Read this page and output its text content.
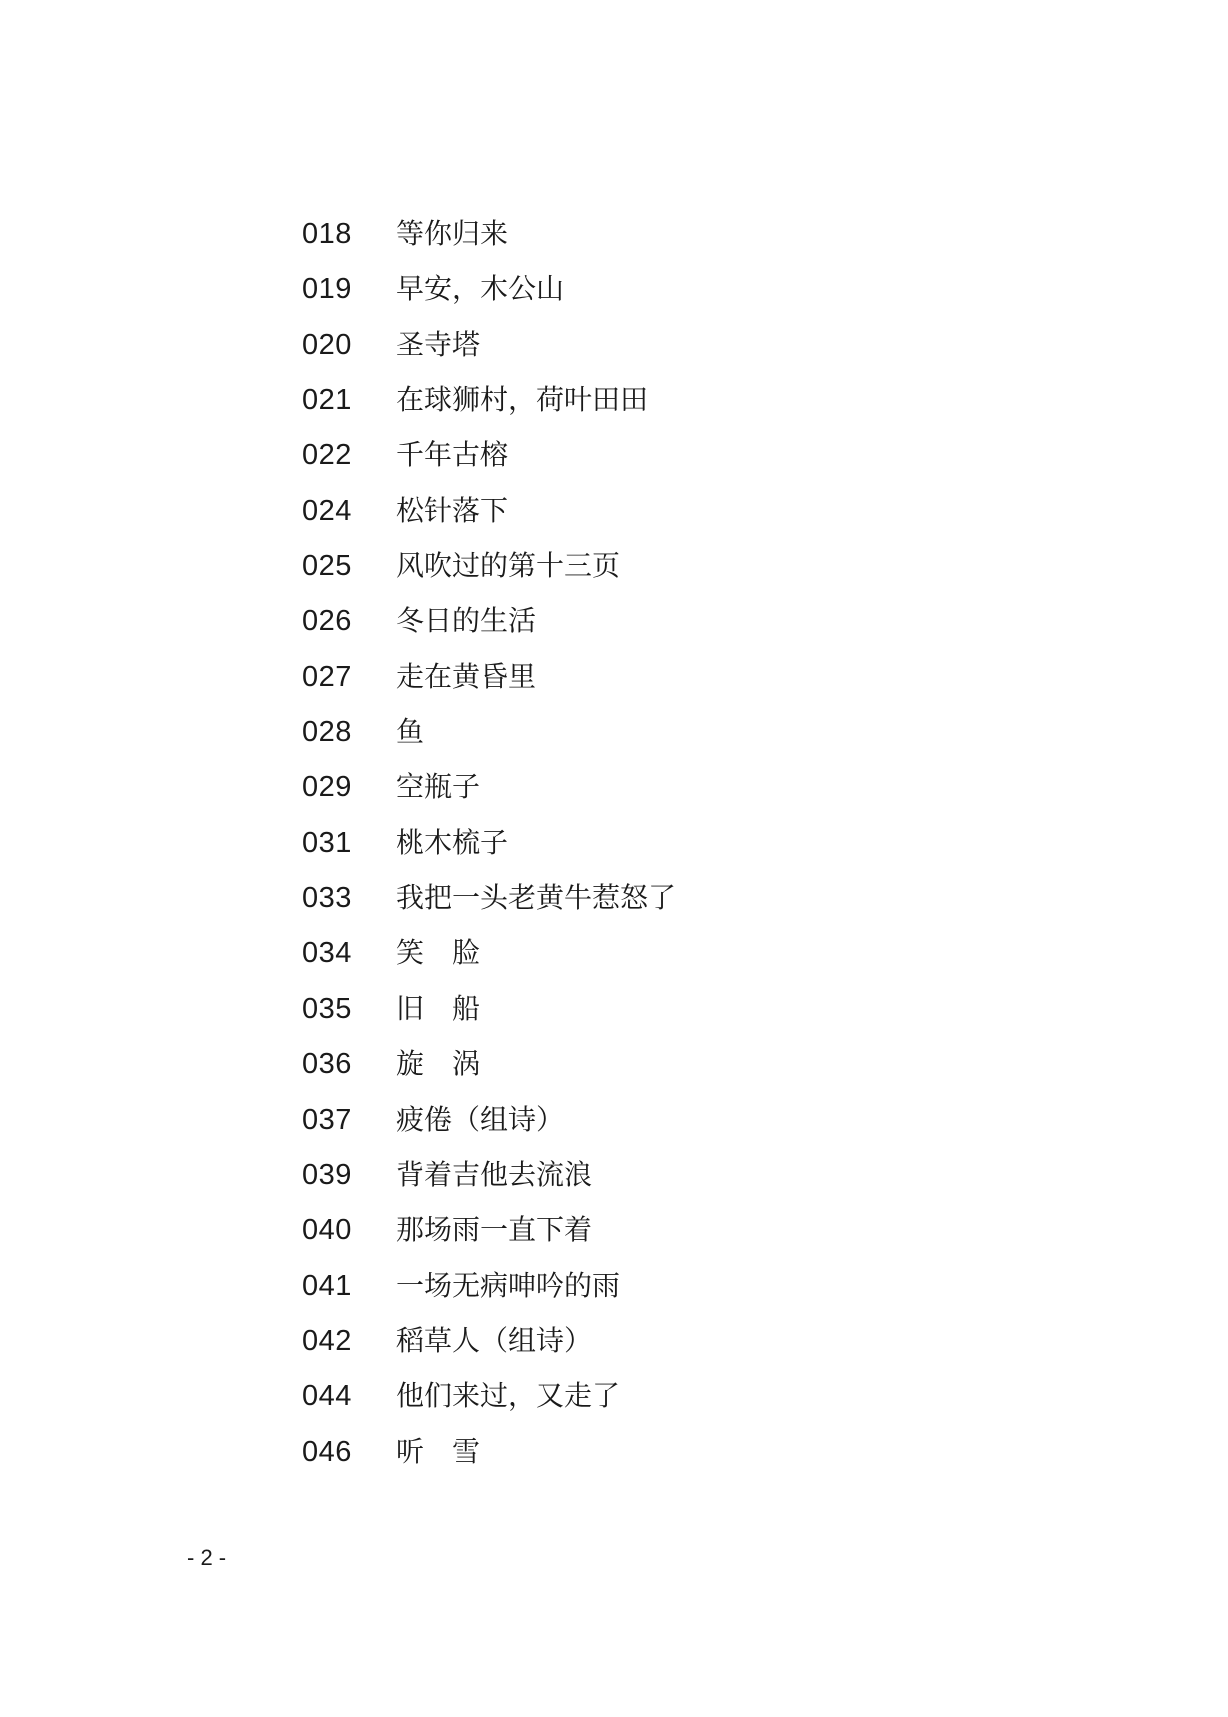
018 等你归来
019 早安，木公山
020 圣寺塔
021 在球狮村，荷叶田田
022 千年古榕
024 松针落下
025 风吹过的第十三页
026 冬日的生活
027 走在黄昏里
028 鱼
029 空瓶子
031 桃木梳子
033 我把一头老黄牛惹怒了
034 笑　脸
035 旧　船
036 旋　涡
037 疲倦（组诗）
039 背着吉他去流浪
040 那场雨一直下着
041 一场无病呻吟的雨
042 稻草人（组诗）
044 他们来过，又走了
046 听　雪
- 2 -
